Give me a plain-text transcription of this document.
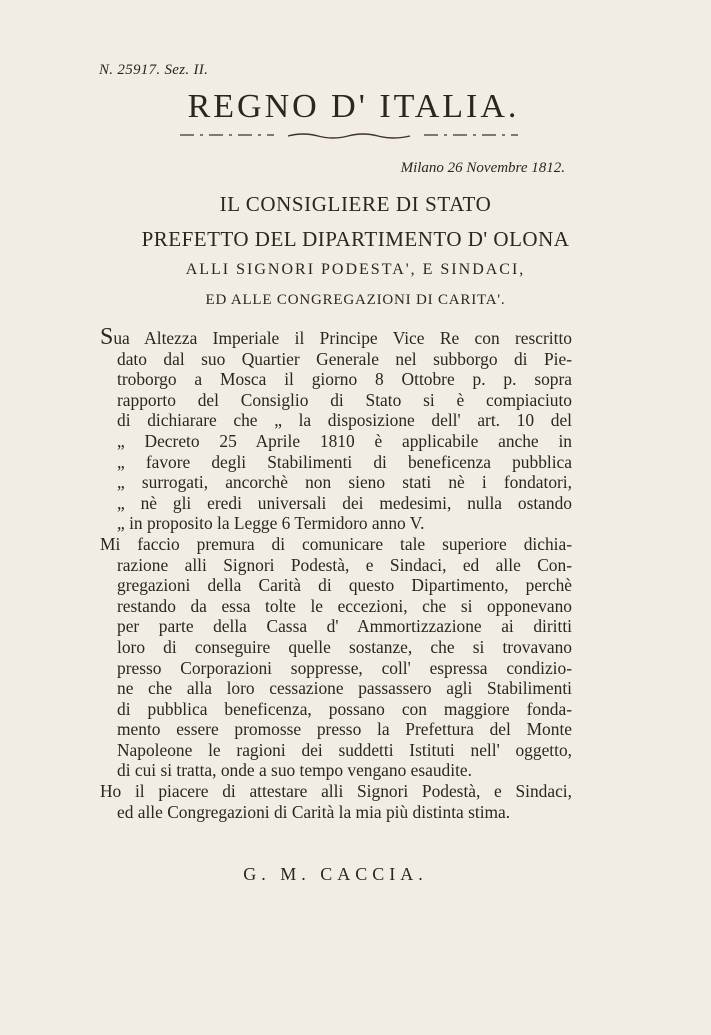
N. 25917. Sez. II.
REGNO D' ITALIA.
Milano 26 Novembre 1812.
IL CONSIGLIERE DI STATO
PREFETTO DEL DIPARTIMENTO D' OLONA
ALLI SIGNORI PODESTA', E SINDACI,
ED ALLE CONGREGAZIONI DI CARITA'.
Sua Altezza Imperiale il Principe Vice Re con rescritto
dato dal suo Quartier Generale nel subborgo di Pie-
troborgo a Mosca il giorno 8 Ottobre p. p. sopra
rapporto del Consiglio di Stato si è compiaciuto
di dichiarare che „ la disposizione dell' art. 10 del
„ Decreto 25 Aprile 1810 è applicabile anche in
„ favore degli Stabilimenti di beneficenza pubblica
„ surrogati, ancorchè non sieno stati nè i fondatori,
„ nè gli eredi universali dei medesimi, nulla ostando
„ in proposito la Legge 6 Termidoro anno V.
Mi faccio premura di comunicare tale superiore dichia-
razione alli Signori Podestà, e Sindaci, ed alle Con-
gregazioni della Carità di questo Dipartimento, perchè
restando da essa tolte le eccezioni, che si opponevano
per parte della Cassa d' Ammortizzazione ai diritti
loro di conseguire quelle sostanze, che si trovavano
presso Corporazioni soppresse, coll' espressa condizio-
ne che alla loro cessazione passassero agli Stabilimenti
di pubblica beneficenza, possano con maggiore fonda-
mento essere promosse presso la Prefettura del Monte
Napoleone le ragioni dei suddetti Istituti nell' oggetto,
di cui si tratta, onde a suo tempo vengano esaudite.
Ho il piacere di attestare alli Signori Podestà, e Sindaci,
ed alle Congregazioni di Carità la mia più distinta stima.
G. M. CACCIA.
